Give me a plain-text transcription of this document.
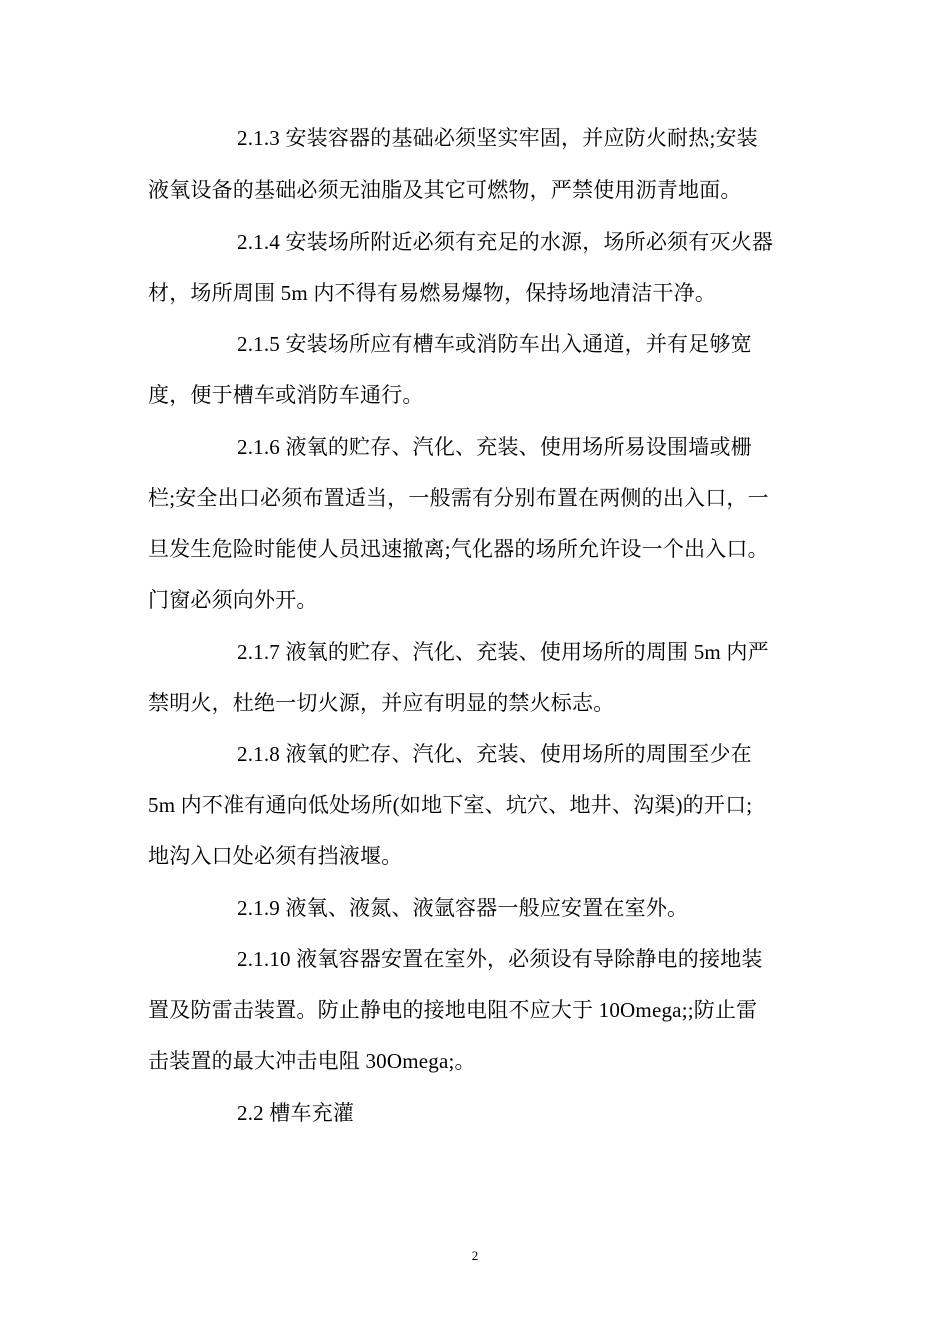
2.1.3 安装容器的基础必须坚实牢固，并应防火耐热;安装
液氧设备的基础必须无油脂及其它可燃物，严禁使用沥青地面。
2.1.4 安装场所附近必须有充足的水源，场所必须有灭火器
材，场所周围 5m 内不得有易燃易爆物，保持场地清洁干净。
2.1.5 安装场所应有槽车或消防车出入通道，并有足够宽
度，便于槽车或消防车通行。
2.1.6 液氧的贮存、汽化、充装、使用场所易设围墙或栅
栏;安全出口必须布置适当，一般需有分别布置在两侧的出入口，一
旦发生危险时能使人员迅速撤离;气化器的场所允许设一个出入口。
门窗必须向外开。
2.1.7 液氧的贮存、汽化、充装、使用场所的周围 5m 内严
禁明火，杜绝一切火源，并应有明显的禁火标志。
2.1.8 液氧的贮存、汽化、充装、使用场所的周围至少在
5m 内不准有通向低处场所(如地下室、坑穴、地井、沟渠)的开口;
地沟入口处必须有挡液堰。
2.1.9 液氧、液氮、液氩容器一般应安置在室外。
2.1.10 液氧容器安置在室外，必须设有导除静电的接地装
置及防雷击装置。防止静电的接地电阻不应大于 10Omega;;防止雷
击装置的最大冲击电阻 30Omega;。
2.2 槽车充灌
2
